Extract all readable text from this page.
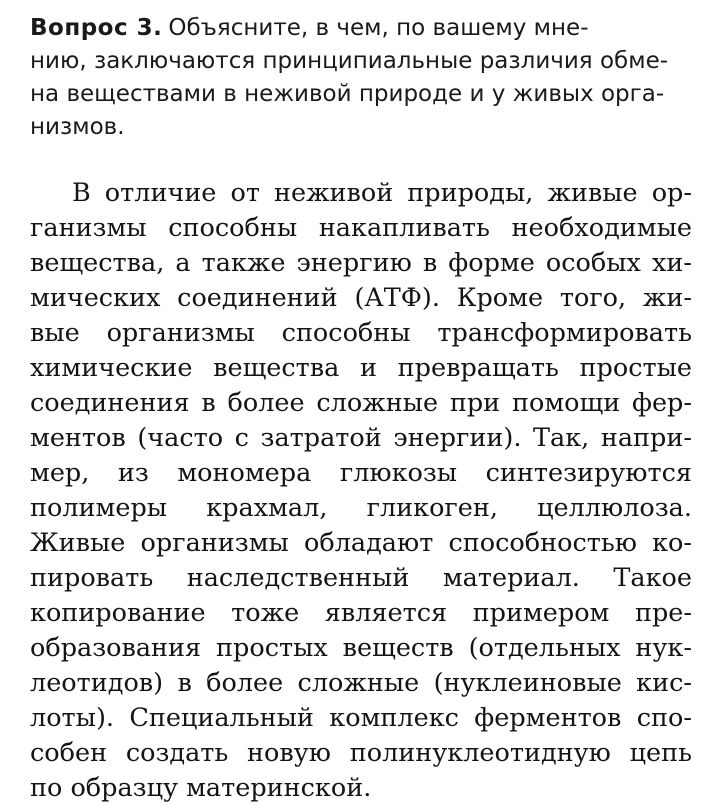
Вопрос 3. Объясните, в чем, по вашему мне-
нию, заключаются принципиальные различия обме-
на веществами в неживой природе и у живых орга-
низмов.
В отличие от неживой природы, живые ор-
ганизмы способны накапливать необходимые
вещества, а также энергию в форме особых хи-
мических соединений (АТФ). Кроме того, жи-
вые организмы способны трансформировать
химические вещества и превращать простые
соединения в более сложные при помощи фер-
ментов (часто с затратой энергии). Так, напри-
мер, из мономера глюкозы синтезируются
полимеры крахмал, гликоген, целлюлоза.
Живые организмы обладают способностью ко-
пировать наследственный материал. Такое
копирование тоже является примером пре-
образования простых веществ (отдельных нук-
леотидов) в более сложные (нуклеиновые кис-
лоты). Специальный комплекс ферментов спо-
собен создать новую полинуклеотидную цепь
по образцу материнской.
